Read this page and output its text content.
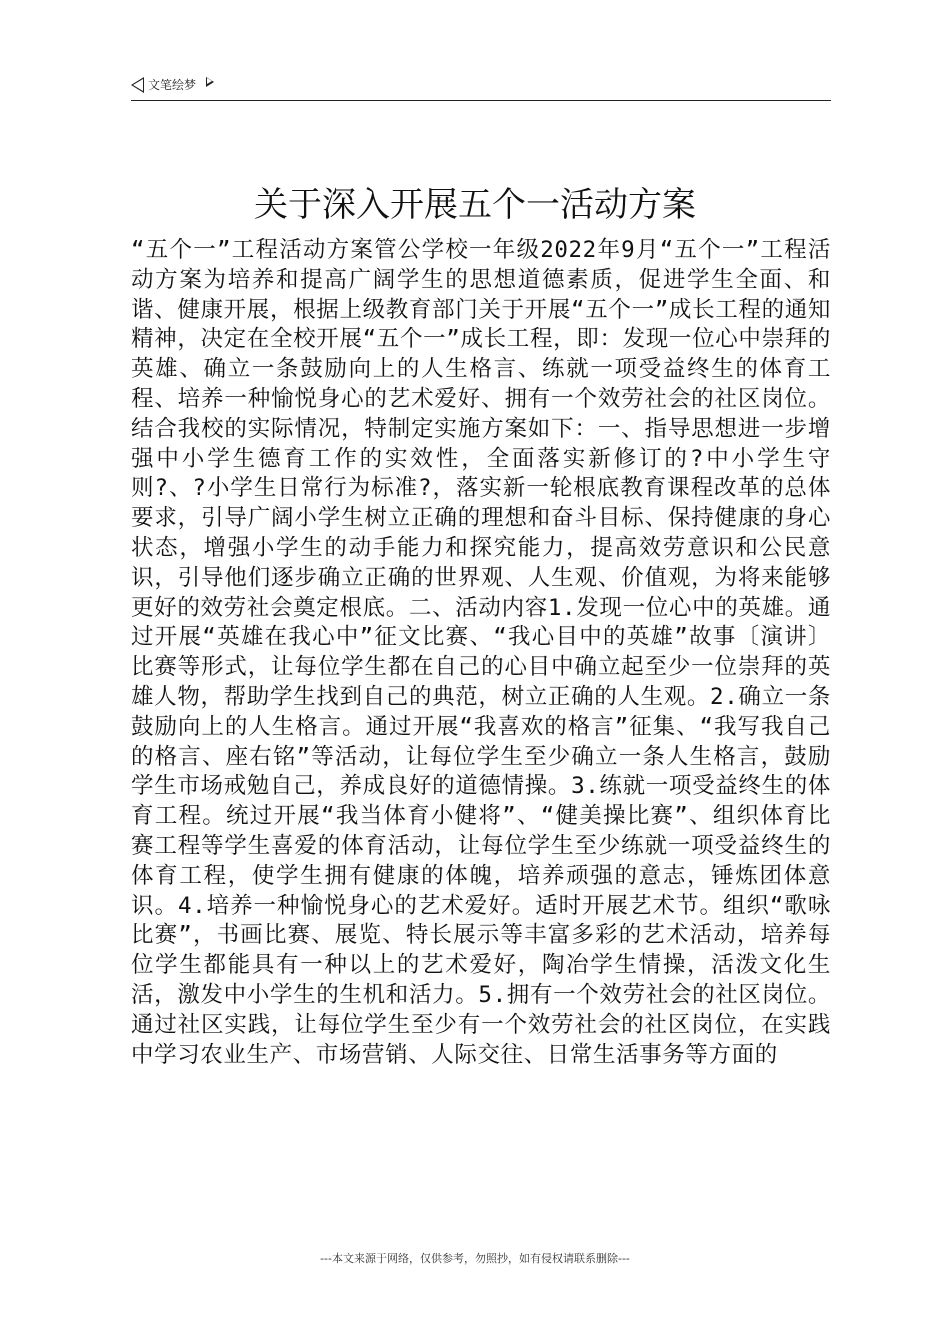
文笔绘梦
关于深入开展五个一活动方案

“五个一”工程活动方案管公学校一年级2022年9月“五个一”工程活动方案为培养和提高广阔学生的思想道德素质，促进学生全面、和谐、健康开展，根据上级教育部门关于开展“五个一”成长工程的通知精神，决定在全校开展“五个一”成长工程，即：发现一位心中崇拜的英雄、确立一条鼓励向上的人生格言、练就一项受益终生的体育工程、培养一种愉悦身心的艺术爱好、拥有一个效劳社会的社区岗位。结合我校的实际情况，特制定实施方案如下：一、指导思想进一步增强中小学生德育工作的实效性，全面落实新修订的?中小学生守则?、?小学生日常行为标准?，落实新一轮根底教育课程改革的总体要求，引导广阔小学生树立正确的理想和奋斗目标、保持健康的身心状态，增强小学生的动手能力和探究能力，提高效劳意识和公民意识，引导他们逐步确立正确的世界观、人生观、价值观，为将来能够更好的效劳社会奠定根底。二、活动内容1.发现一位心中的英雄。通过开展“英雄在我心中”征文比赛、“我心目中的英雄”故事〔演讲〕比赛等形式，让每位学生都在自己的心目中确立起至少一位崇拜的英雄人物，帮助学生找到自己的典范，树立正确的人生观。2.确立一条鼓励向上的人生格言。通过开展“我喜欢的格言”征集、“我写我自己的格言、座右铭”等活动，让每位学生至少确立一条人生格言，鼓励学生市场戒勉自己，养成良好的道德情操。3.练就一项受益终生的体育工程。统过开展“我当体育小健将”、“健美操比赛”、组织体育比赛工程等学生喜爱的体育活动，让每位学生至少练就一项受益终生的体育工程，使学生拥有健康的体魄，培养顽强的意志，锤炼团体意识。4.培养一种愉悦身心的艺术爱好。适时开展艺术节。组织“歌咏比赛”，书画比赛、展览、特长展示等丰富多彩的艺术活动，培养每位学生都能具有一种以上的艺术爱好，陶冶学生情操，活泼文化生活，激发中小学生的生机和活力。5.拥有一个效劳社会的社区岗位。通过社区实践，让每位学生至少有一个效劳社会的社区岗位，在实践中学习农业生产、市场营销、人际交往、日常生活事务等方面的

---本文来源于网络，仅供参考，勿照抄，如有侵权请联系删除---
